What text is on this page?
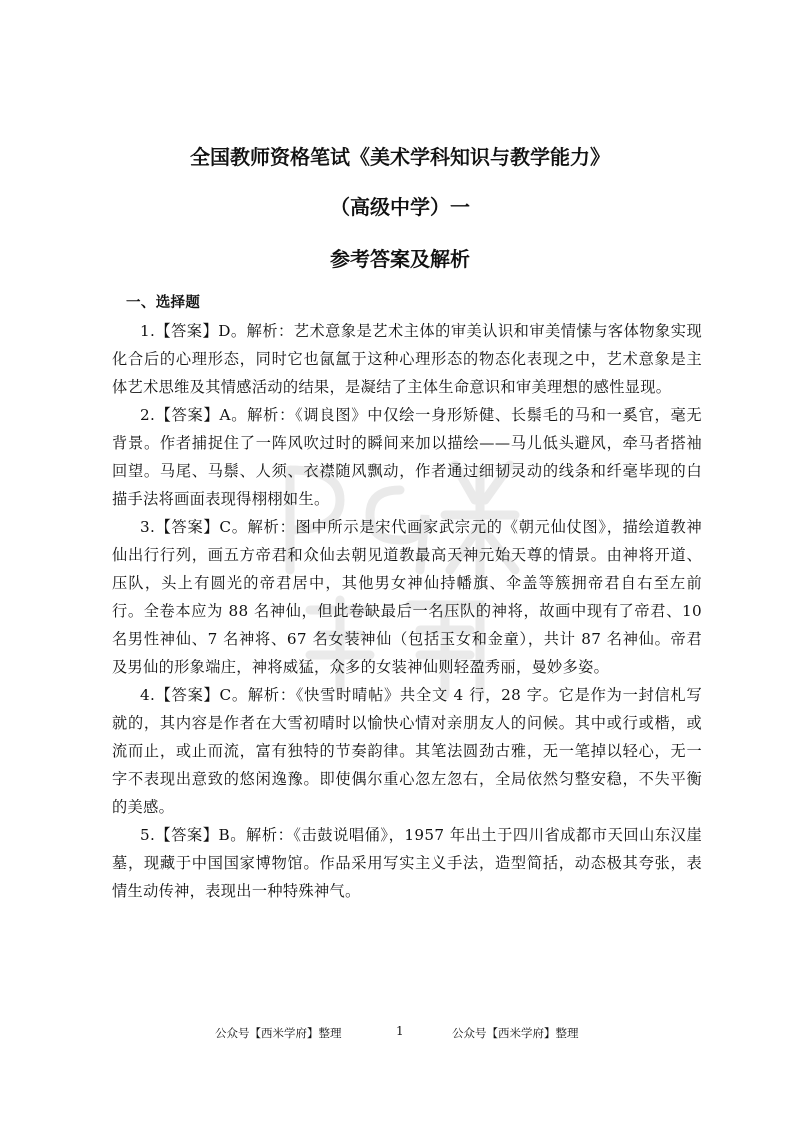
全国教师资格笔试《美术学科知识与教学能力》
（高级中学）一
参考答案及解析
一、选择题

1.【答案】D。解析：艺术意象是艺术主体的审美认识和审美情愫与客体物象实现化合后的心理形态，同时它也氤氲于这种心理形态的物态化表现之中，艺术意象是主体艺术思维及其情感活动的结果，是凝结了主体生命意识和审美理想的感性显现。

2.【答案】A。解析：《调良图》中仅绘一身形矫健、长鬃毛的马和一奚官，毫无背景。作者捕捉住了一阵风吹过时的瞬间来加以描绘——马儿低头避风，牵马者搭袖回望。马尾、马鬃、人须、衣襟随风飘动，作者通过细韧灵动的线条和纤毫毕现的白描手法将画面表现得栩栩如生。

3.【答案】C。解析：图中所示是宋代画家武宗元的《朝元仙仗图》，描绘道教神仙出行行列，画五方帝君和众仙去朝见道教最高天神元始天尊的情景。由神将开道、压队，头上有圆光的帝君居中，其他男女神仙持幡旗、伞盖等簇拥帝君自右至左前行。全卷本应为 88 名神仙，但此卷缺最后一名压队的神将，故画中现有了帝君、10 名男性神仙、7 名神将、67 名女装神仙（包括玉女和金童），共计 87 名神仙。帝君及男仙的形象端庄，神将威猛，众多的女装神仙则轻盈秀丽，曼妙多姿。

4.【答案】C。解析：《快雪时晴帖》共全文 4 行，28 字。它是作为一封信札写就的，其内容是作者在大雪初晴时以愉快心情对亲朋友人的问候。其中或行或楷，或流而止，或止而流，富有独特的节奏韵律。其笔法圆劲古雅，无一笔掉以轻心，无一字不表现出意致的悠闲逸豫。即使偶尔重心忽左忽右，全局依然匀整安稳，不失平衡的美感。

5.【答案】B。解析：《击鼓说唱俑》，1957 年出土于四川省成都市天回山东汉崖墓，现藏于中国国家博物馆。作品采用写实主义手法，造型简括，动态极其夸张，表情生动传神，表现出一种特殊神气。

公众号【西米学府】整理	1	公众号【西米学府】整理
